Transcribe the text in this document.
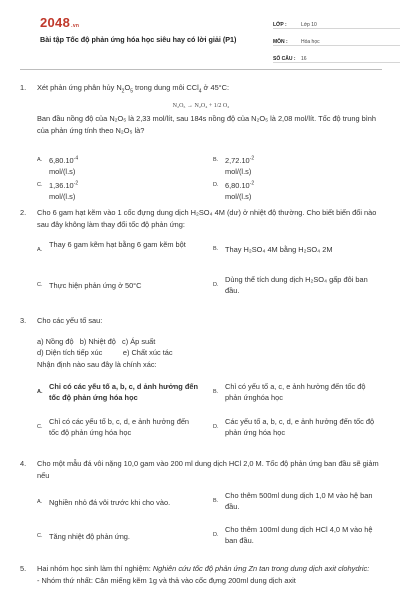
2048.vn
Bài tập Tốc độ phản ứng hóa học siêu hay có lời giải (P1)
LỚP :	Lớp 10
MÔN :	Hóa học
SỐ CÂU :	16
1. Xét phản ứng phân hủy $N_2O_5$ trong dung môi CCl$_4$ ở 45°C:
N₂O₅ → N₂O₄ + 1/2 O₂
Ban đầu nồng độ của N₂O₅ là 2,33 mol/lít, sau 184s nồng độ của N₂O₅ là 2,08 mol/lít. Tốc độ trung bình của phản ứng tính theo N₂O₅ là?
A. $6,80.10^{-4}$ mol/(l.s)
B. $2,72.10^{-2}$ mol/(l.s)
C. $1,36.10^{-2}$ mol/(l.s)
D. $6,80.10^{-2}$ mol/(l.s)
2. Cho 6 gam hạt kẽm vào 1 cốc đựng dung dịch H₂SO₄ 4M (dư) ở nhiệt độ thường. Cho biết biến đổi nào sau đây không làm thay đổi tốc độ phản ứng:
A.
Thay 6 gam kẽm hạt bằng 6 gam kẽm bột	B. Thay H₂SO₄ 4M bằng H₂SO₄ 2M
C. Thực hiện phản ứng ở 50°C	D.
Dùng thể tích dung dịch H₂SO₄ gấp đôi ban đầu.
3. Cho các yếu tố sau:
a) Nồng độ   b) Nhiệt độ   c) Áp suất
d) Diện tích tiếp xúc          e) Chất xúc tác
Nhận định nào sau đây là chính xác:
A.
Chỉ có các yếu tố a, b, c, d ảnh hưởng đến tốc độ phản ứng hóa học
B.
Chỉ có yếu tố a, c, e ảnh hưởng đến tốc độ phản ứnghóa học
C.
Chỉ có các yếu tố b, c, d, e ảnh hưởng đến tốc độ phản ứng hóa học
D.
Các yếu tố a, b, c, d, e ảnh hưởng đến tốc độ phản ứng hóa học
4. Cho một mẫu đá vôi nặng 10,0 gam vào 200 ml dung dịch HCl 2,0 M. Tốc độ phản ứng ban đầu sẽ giảm nếu
A. Nghiền nhỏ đá vôi trước khi cho vào.	B.
Cho thêm 500ml dung dịch 1,0 M vào hệ ban đầu.
C. Tăng nhiệt độ phản ứng.	D.
Cho thêm 100ml dung dịch HCl 4,0 M vào hệ ban đầu.
5. Hai nhóm học sinh làm thí nghiệm: Nghiên cứu tốc độ phản ứng Zn tan trong dung dịch axit clohydric:
- Nhóm thứ nhất: Cân miếng kẽm 1g và thả vào cốc đựng 200ml dung dịch axit
